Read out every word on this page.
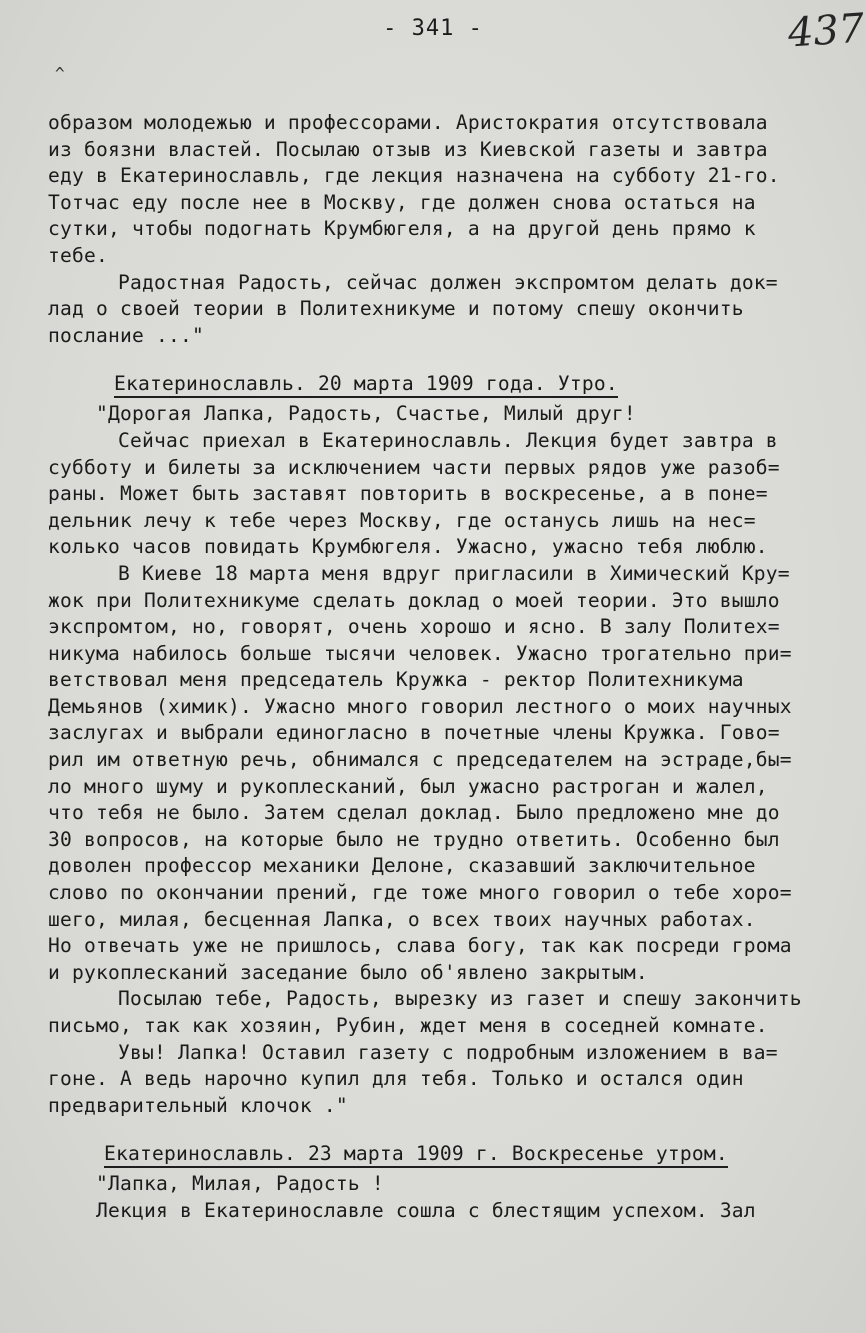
- 341 -	437
^
образом молодежью и профессорами. Аристократия отсутствовала
из боязни властей. Посылаю отзыв из Киевской газеты и завтра
еду в Екатеринославль, где лекция назначена на субботу 21-го.
Тотчас еду после нее в Москву, где должен снова остаться на
сутки, чтобы подогнать Крумбюгеля, а на другой день прямо к
тебе.
Радостная Радость, сейчас должен экспромтом делать док=
лад о своей теории в Политехникуме и потому спешу окончить
послание ..."
Екатеринославль. 20 марта 1909 года. Утро.
"Дорогая Лапка, Радость, Счастье, Милый друг!
Сейчас приехал в Екатеринославль. Лекция будет завтра в
субботу и билеты за исключением части первых рядов уже разоб=
раны. Может быть заставят повторить в воскресенье, а в поне=
дельник лечу к тебе через Москву, где останусь лишь на нес=
колько часов повидать Крумбюгеля. Ужасно, ужасно тебя люблю.
В Киеве 18 марта меня вдруг пригласили в Химический Кру=
жок при Политехникуме сделать доклад о моей теории. Это вышло
экспромтом, но, говорят, очень хорошо и ясно. В залу Политех=
никума набилось больше тысячи человек. Ужасно трогательно при=
ветствовал меня председатель Кружка - ректор Политехникума
Демьянов (химик). Ужасно много говорил лестного о моих научных
заслугах и выбрали единогласно в почетные члены Кружка. Гово=
рил им ответную речь, обнимался с председателем на эстраде,бы=
ло много шуму и рукоплесканий, был ужасно растроган и жалел,
что тебя не было. Затем сделал доклад. Было предложено мне до
30 вопросов, на которые было не трудно ответить. Особенно был
доволен профессор механики Делоне, сказавший заключительное
слово по окончании прений, где тоже много говорил о тебе хоро=
шего, милая, бесценная Лапка, о всех твоих научных работах.
Но отвечать уже не пришлось, слава богу, так как посреди грома
и рукоплесканий заседание было об'явлено закрытым.
Посылаю тебе, Радость, вырезку из газет и спешу закончить
письмо, так как хозяин, Рубин, ждет меня в соседней комнате.
Увы! Лапка! Оставил газету с подробным изложением в ва=
гоне. А ведь нарочно купил для тебя. Только и остался один
предварительный клочок ."
Екатеринославль. 23 марта 1909 г. Воскресенье утром.
"Лапка, Милая, Радость !
Лекция в Екатеринославле сошла с блестящим успехом. Зал
